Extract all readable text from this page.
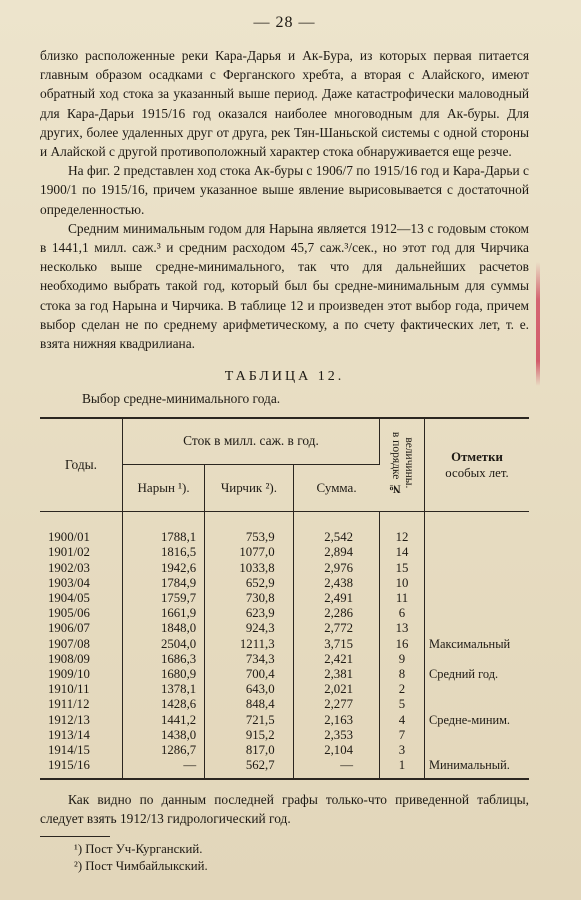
— 28 —

близко расположенные реки Кара-Дарья и Ак-Бура, из которых первая питается главным образом осадками с Ферганского хребта, а вторая с Алайского, имеют обратный ход стока за указанный выше период. Даже катастрофически маловодный для Кара-Дарьи 1915/16 год оказался наиболее многоводным для Ак-буры. Для других, более удаленных друг от друга, рек Тян-Шаньской системы с одной стороны и Алайской с другой противоположный характер стока обнаруживается еще резче.

На фиг. 2 представлен ход стока Ак-буры с 1906/7 по 1915/16 год и Кара-Дарьи с 1900/1 по 1915/16, причем указанное выше явление вырисовывается с достаточной определенностью.

Средним минимальным годом для Нарына является 1912—13 с годовым стоком в 1441,1 милл. саж.³ и средним расходом 45,7 саж.³/сек., но этот год для Чирчика несколько выше средне-минимального, так что для дальнейших расчетов необходимо выбрать такой год, который был бы средне-минимальным для суммы стока за год Нарына и Чирчика. В таблице 12 и произведен этот выбор года, причем выбор сделан не по среднему арифметическому, а по счету фактических лет, т. е. взята нижняя квадрилиана.

ТАБЛИЦА 12.
Выбор средне-минимального года.
Годы.	Сток в милл. саж. в год.			№ в порядке
величины.	Отметки
особых лет.
	Нарын ¹).	Чирчик ²).	Сумма.		

1900/01	1788,1	753,9	2,542	12	
1901/02	1816,5	1077,0	2,894	14	
1902/03	1942,6	1033,8	2,976	15	
1903/04	1784,9	652,9	2,438	10	
1904/05	1759,7	730,8	2,491	11	
1905/06	1661,9	623,9	2,286	6	
1906/07	1848,0	924,3	2,772	13	
1907/08	2504,0	1211,3	3,715	16	Максимальный
1908/09	1686,3	734,3	2,421	9	
1909/10	1680,9	700,4	2,381	8	Средний год.
1910/11	1378,1	643,0	2,021	2	
1911/12	1428,6	848,4	2,277	5	
1912/13	1441,2	721,5	2,163	4	Средне-миним.
1913/14	1438,0	915,2	2,353	7	
1914/15	1286,7	817,0	2,104	3	
1915/16	—	562,7	—	1	Минимальный.

Как видно по данным последней графы только-что приведенной таблицы, следует взять 1912/13 гидрологический год.

¹) Пост Уч-Курганский.

²) Пост Чимбайлыкский.
